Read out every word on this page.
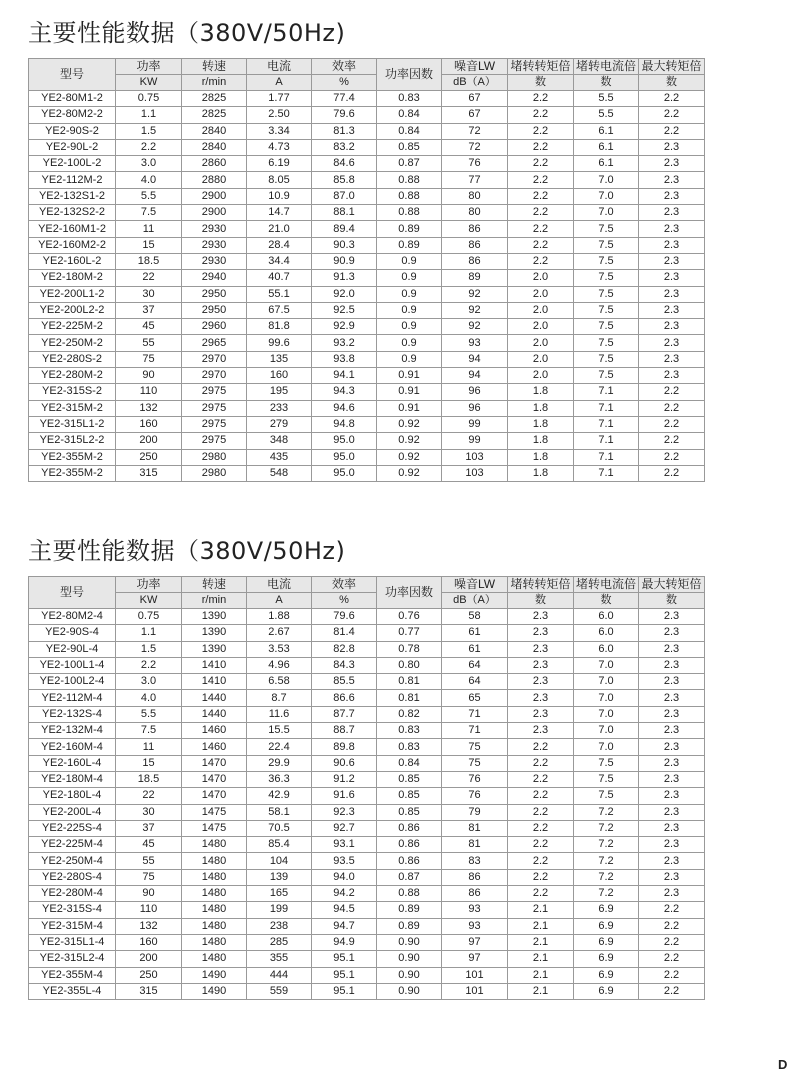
主要性能数据（380V/50Hz)
型号	功率	转速	电流	效率	功率因数	噪音LW	堵转转矩倍	堵转电流倍	最大转矩倍
	KW	r/min	A	%		dB（A）	数	数	数
YE2-80M1-2	0.75	2825	1.77	77.4	0.83	67	2.2	5.5	2.2
YE2-80M2-2	1.1	2825	2.50	79.6	0.84	67	2.2	5.5	2.2
YE2-90S-2	1.5	2840	3.34	81.3	0.84	72	2.2	6.1	2.2
YE2-90L-2	2.2	2840	4.73	83.2	0.85	72	2.2	6.1	2.3
YE2-100L-2	3.0	2860	6.19	84.6	0.87	76	2.2	6.1	2.3
YE2-112M-2	4.0	2880	8.05	85.8	0.88	77	2.2	7.0	2.3
YE2-132S1-2	5.5	2900	10.9	87.0	0.88	80	2.2	7.0	2.3
YE2-132S2-2	7.5	2900	14.7	88.1	0.88	80	2.2	7.0	2.3
YE2-160M1-2	11	2930	21.0	89.4	0.89	86	2.2	7.5	2.3
YE2-160M2-2	15	2930	28.4	90.3	0.89	86	2.2	7.5	2.3
YE2-160L-2	18.5	2930	34.4	90.9	0.9	86	2.2	7.5	2.3
YE2-180M-2	22	2940	40.7	91.3	0.9	89	2.0	7.5	2.3
YE2-200L1-2	30	2950	55.1	92.0	0.9	92	2.0	7.5	2.3
YE2-200L2-2	37	2950	67.5	92.5	0.9	92	2.0	7.5	2.3
YE2-225M-2	45	2960	81.8	92.9	0.9	92	2.0	7.5	2.3
YE2-250M-2	55	2965	99.6	93.2	0.9	93	2.0	7.5	2.3
YE2-280S-2	75	2970	135	93.8	0.9	94	2.0	7.5	2.3
YE2-280M-2	90	2970	160	94.1	0.91	94	2.0	7.5	2.3
YE2-315S-2	110	2975	195	94.3	0.91	96	1.8	7.1	2.2
YE2-315M-2	132	2975	233	94.6	0.91	96	1.8	7.1	2.2
YE2-315L1-2	160	2975	279	94.8	0.92	99	1.8	7.1	2.2
YE2-315L2-2	200	2975	348	95.0	0.92	99	1.8	7.1	2.2
YE2-355M-2	250	2980	435	95.0	0.92	103	1.8	7.1	2.2
YE2-355M-2	315	2980	548	95.0	0.92	103	1.8	7.1	2.2
主要性能数据（380V/50Hz)
型号	功率	转速	电流	效率	功率因数	噪音LW	堵转转矩倍	堵转电流倍	最大转矩倍
	KW	r/min	A	%		dB（A）	数	数	数
YE2-80M2-4	0.75	1390	1.88	79.6	0.76	58	2.3	6.0	2.3
YE2-90S-4	1.1	1390	2.67	81.4	0.77	61	2.3	6.0	2.3
YE2-90L-4	1.5	1390	3.53	82.8	0.78	61	2.3	6.0	2.3
YE2-100L1-4	2.2	1410	4.96	84.3	0.80	64	2.3	7.0	2.3
YE2-100L2-4	3.0	1410	6.58	85.5	0.81	64	2.3	7.0	2.3
YE2-112M-4	4.0	1440	8.7	86.6	0.81	65	2.3	7.0	2.3
YE2-132S-4	5.5	1440	11.6	87.7	0.82	71	2.3	7.0	2.3
YE2-132M-4	7.5	1460	15.5	88.7	0.83	71	2.3	7.0	2.3
YE2-160M-4	11	1460	22.4	89.8	0.83	75	2.2	7.0	2.3
YE2-160L-4	15	1470	29.9	90.6	0.84	75	2.2	7.5	2.3
YE2-180M-4	18.5	1470	36.3	91.2	0.85	76	2.2	7.5	2.3
YE2-180L-4	22	1470	42.9	91.6	0.85	76	2.2	7.5	2.3
YE2-200L-4	30	1475	58.1	92.3	0.85	79	2.2	7.2	2.3
YE2-225S-4	37	1475	70.5	92.7	0.86	81	2.2	7.2	2.3
YE2-225M-4	45	1480	85.4	93.1	0.86	81	2.2	7.2	2.3
YE2-250M-4	55	1480	104	93.5	0.86	83	2.2	7.2	2.3
YE2-280S-4	75	1480	139	94.0	0.87	86	2.2	7.2	2.3
YE2-280M-4	90	1480	165	94.2	0.88	86	2.2	7.2	2.3
YE2-315S-4	110	1480	199	94.5	0.89	93	2.1	6.9	2.2
YE2-315M-4	132	1480	238	94.7	0.89	93	2.1	6.9	2.2
YE2-315L1-4	160	1480	285	94.9	0.90	97	2.1	6.9	2.2
YE2-315L2-4	200	1480	355	95.1	0.90	97	2.1	6.9	2.2
YE2-355M-4	250	1490	444	95.1	0.90	101	2.1	6.9	2.2
YE2-355L-4	315	1490	559	95.1	0.90	101	2.1	6.9	2.2
D
